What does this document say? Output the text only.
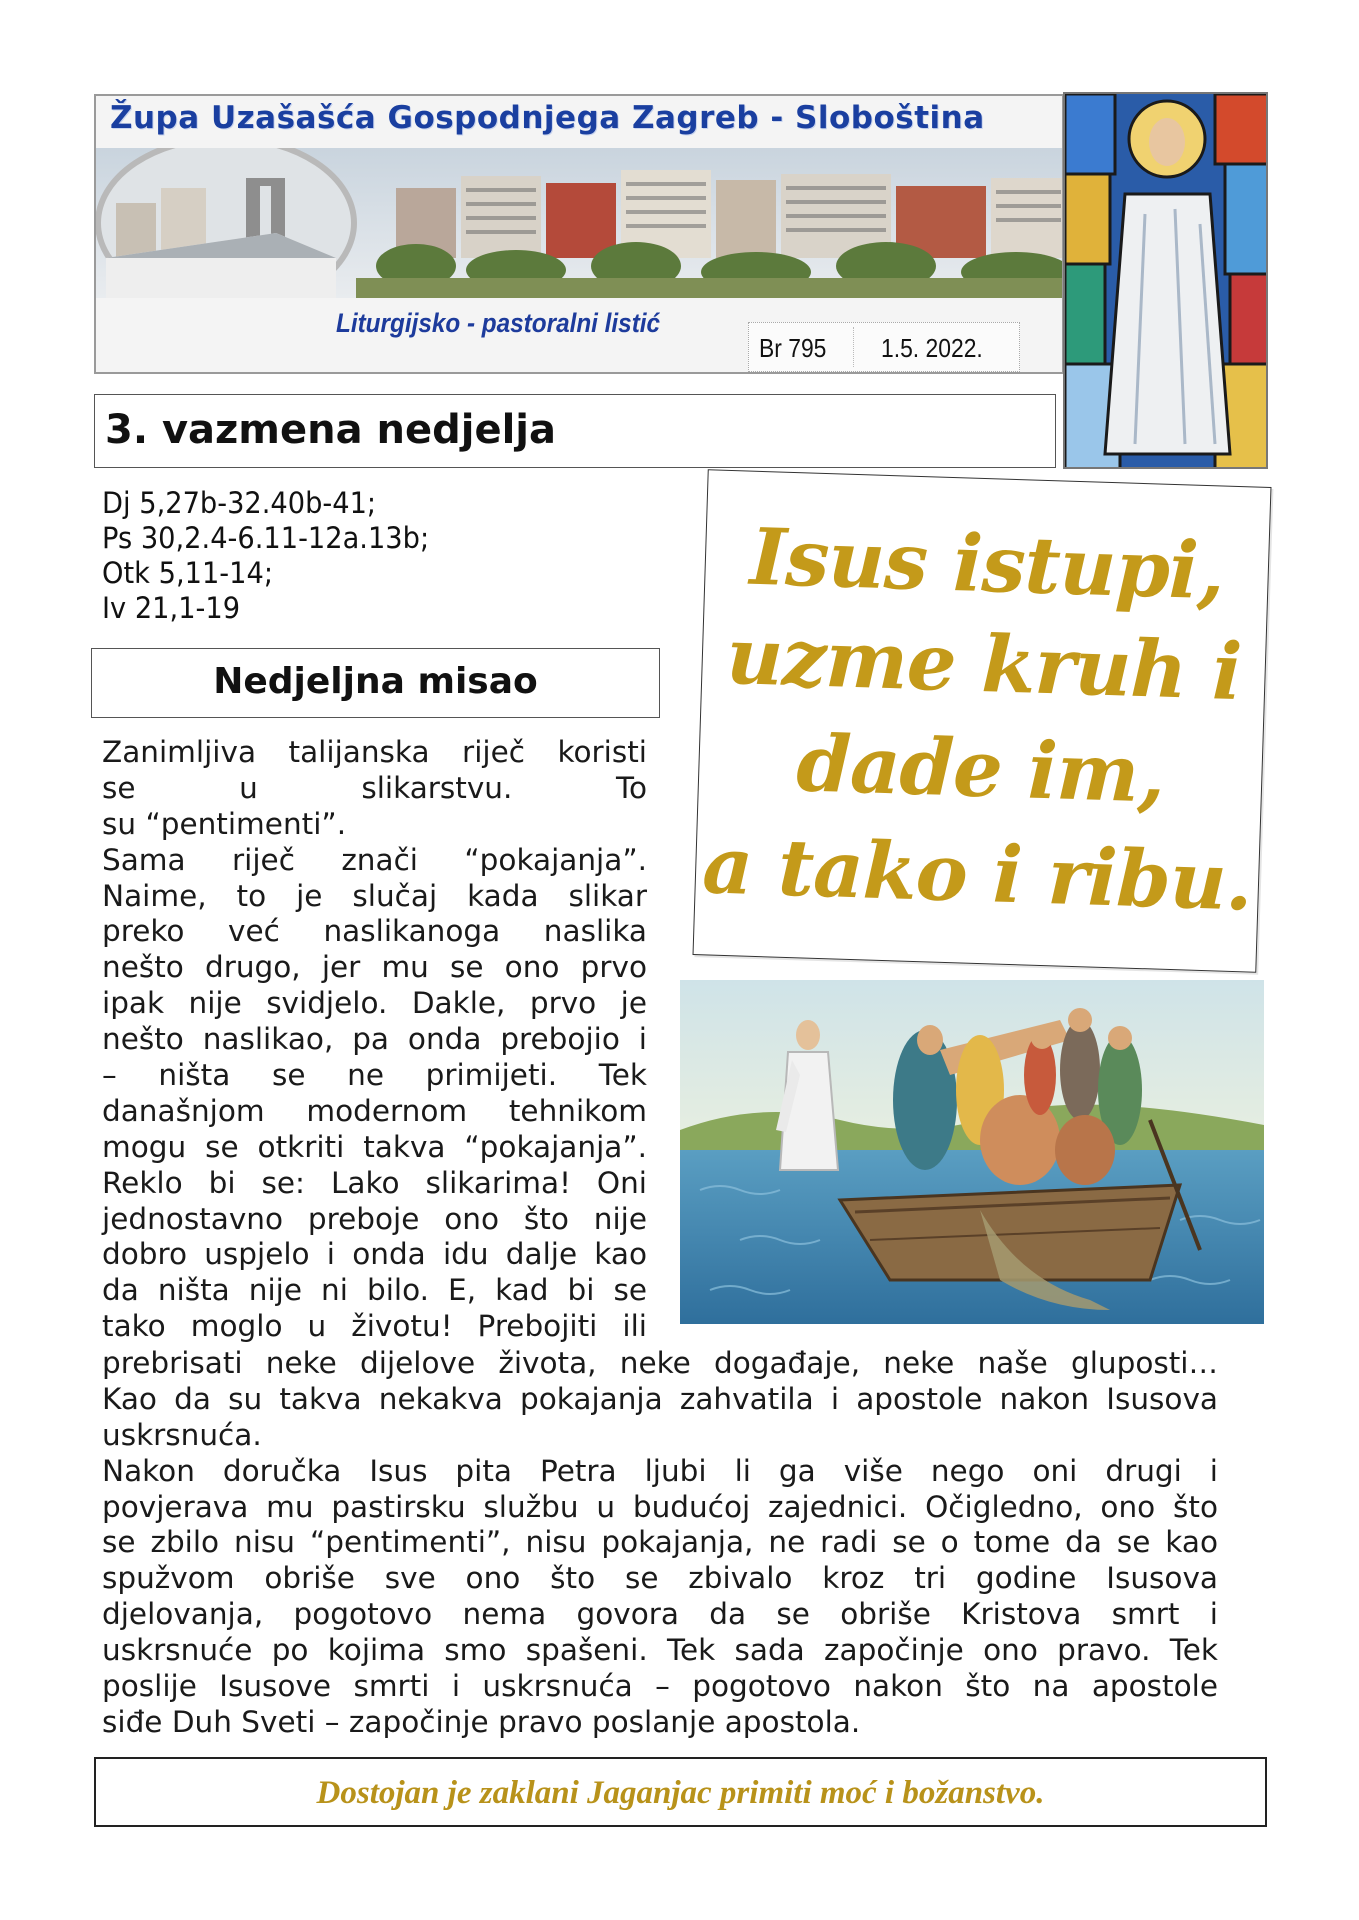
Župa Uzašašća Gospodnjega Zagreb - Sloboština
Liturgijsko - pastoralni listić
Br 795 1.5. 2022.
3. vazmena nedjelja
Dj 5,27b-32.40b-41;
Ps 30,2.4-6.11-12a.13b;
Otk 5,11-14;
Iv 21,1-19
Nedjeljna misao
Isus istupi,
uzme kruh i
dade im,
a tako i ribu.
Zanimljiva talijanska riječ koristi
se u slikarstvu. To
su “pentimenti”.
Sama riječ znači “pokajanja”.
Naime, to je slučaj kada slikar
preko već naslikanoga naslika
nešto drugo, jer mu se ono prvo
ipak nije svidjelo. Dakle, prvo je
nešto naslikao, pa onda prebojio i
– ništa se ne primijeti. Tek
današnjom modernom tehnikom
mogu se otkriti takva “pokajanja”.
Reklo bi se: Lako slikarima! Oni
jednostavno preboje ono što nije
dobro uspjelo i onda idu dalje kao
da ništa nije ni bilo. E, kad bi se
tako moglo u životu! Prebojiti ili
prebrisati neke dijelove života, neke događaje, neke naše gluposti…
Kao da su takva nekakva pokajanja zahvatila i apostole nakon Isusova
uskrsnuća.
Nakon doručka Isus pita Petra ljubi li ga više nego oni drugi i
povjerava mu pastirsku službu u budućoj zajednici. Očigledno, ono što
se zbilo nisu “pentimenti”, nisu pokajanja, ne radi se o tome da se kao
spužvom obriše sve ono što se zbivalo kroz tri godine Isusova
djelovanja, pogotovo nema govora da se obriše Kristova smrt i
uskrsnuće po kojima smo spašeni. Tek sada započinje ono pravo. Tek
poslije Isusove smrti i uskrsnuća – pogotovo nakon što na apostole
siđe Duh Sveti – započinje pravo poslanje apostola.
Dostojan je zaklani Jaganjac primiti moć i božanstvo.
